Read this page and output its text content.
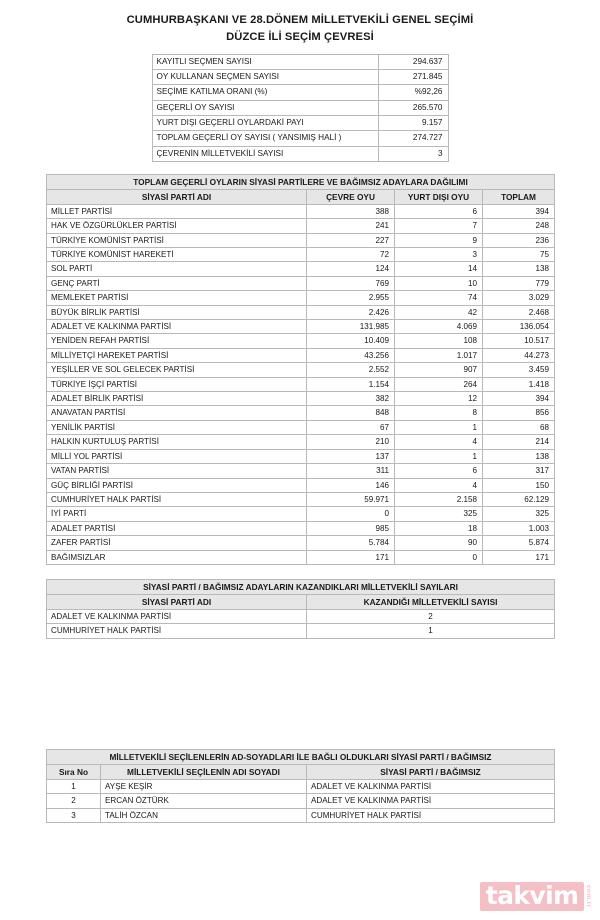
CUMHURBAŞKANI VE 28.DÖNEM MİLLETVEKİLİ GENEL SEÇİMİ
DÜZCE İLİ SEÇİM ÇEVRESİ
KAYITLI SEÇMEN SAYISI	294.637
OY KULLANAN SEÇMEN SAYISI	271.845
SEÇİME KATILMA ORANI (%)	%92,26
GEÇERLİ OY SAYISI	265.570
YURT DIŞI GEÇERLİ OYLARDAKİ PAYI	9.157
TOPLAM GEÇERLİ OY SAYISI ( YANSIMIŞ HALİ )	274.727
ÇEVRENİN MİLLETVEKİLİ SAYISI	3
TOPLAM GEÇERLİ OYLARIN SİYASİ PARTİLERE VE BAĞIMSIZ ADAYLARA DAĞILIMI			
SİYASİ PARTİ ADI	ÇEVRE OYU	YURT DIŞI OYU	TOPLAM
MİLLET PARTİSİ	388	6	394
HAK VE ÖZGÜRLÜKLER PARTİSİ	241	7	248
TÜRKİYE KOMÜNİST PARTİSİ	227	9	236
TÜRKİYE KOMÜNİST HAREKETİ	72	3	75
SOL PARTİ	124	14	138
GENÇ PARTİ	769	10	779
MEMLEKET PARTİSİ	2.955	74	3.029
BÜYÜK BİRLİK PARTİSİ	2.426	42	2.468
ADALET VE KALKINMA PARTİSİ	131.985	4.069	136.054
YENİDEN REFAH PARTİSİ	10.409	108	10.517
MİLLİYETÇİ HAREKET PARTİSİ	43.256	1.017	44.273
YEŞİLLER VE SOL GELECEK PARTİSİ	2.552	907	3.459
TÜRKİYE İŞÇİ PARTİSİ	1.154	264	1.418
ADALET BİRLİK PARTİSİ	382	12	394
ANAVATAN PARTİSİ	848	8	856
YENİLİK PARTİSİ	67	1	68
HALKIN KURTULUŞ PARTİSİ	210	4	214
MİLLİ YOL PARTİSİ	137	1	138
VATAN PARTİSİ	311	6	317
GÜÇ BİRLİĞİ PARTİSİ	146	4	150
CUMHURİYET HALK PARTİSİ	59.971	2.158	62.129
İYİ PARTİ	0	325	325
ADALET PARTİSİ	985	18	1.003
ZAFER PARTİSİ	5.784	90	5.874
BAĞIMSIZLAR	171	0	171
SİYASİ PARTİ / BAĞIMSIZ ADAYLARIN KAZANDIKLARI MİLLETVEKİLİ SAYILARI	
SİYASİ PARTİ ADI	KAZANDIĞI MİLLETVEKİLİ SAYISI
ADALET VE KALKINMA PARTİSİ	2
CUMHURİYET HALK PARTİSİ	1
MİLLETVEKİLİ SEÇİLENLERİN AD-SOYADLARI İLE BAĞLI OLDUKLARI SİYASİ PARTİ / BAĞIMSIZ		
Sıra No	MİLLETVEKİLİ SEÇİLENİN ADI SOYADI	SİYASİ PARTİ / BAĞIMSIZ
1	AYŞE KEŞİR	ADALET VE KALKINMA PARTİSİ
2	ERCAN ÖZTÜRK	ADALET VE KALKINMA PARTİSİ
3	TALİH ÖZCAN	CUMHURİYET HALK PARTİSİ
takvim	com.tr
